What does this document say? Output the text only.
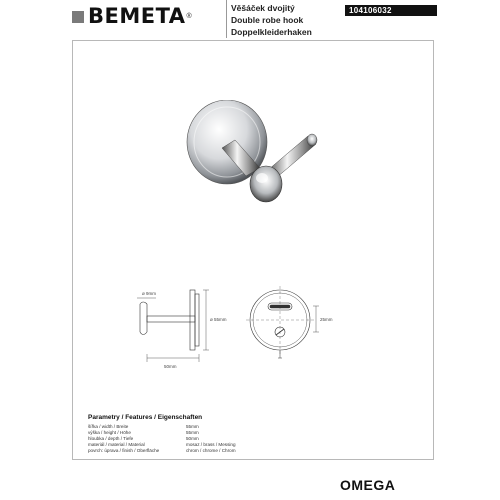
BEMETA ®
Věšáček dvojitý
Double robe hook
Doppelkleiderhaken
104106032
ø 9mm
ø 55mm
50mm
25mm
Parametry / Features / Eigenschaften
šířka / width / Breite	55mm
výška / height / Höhe	55mm
hloubka / depth / Tiefe	50mm
materiál / material / Material	mosaz / brass / Messing
povrch: úprava / finish / Oberfläche	chrom / chrome / Chrom
OMEGA
